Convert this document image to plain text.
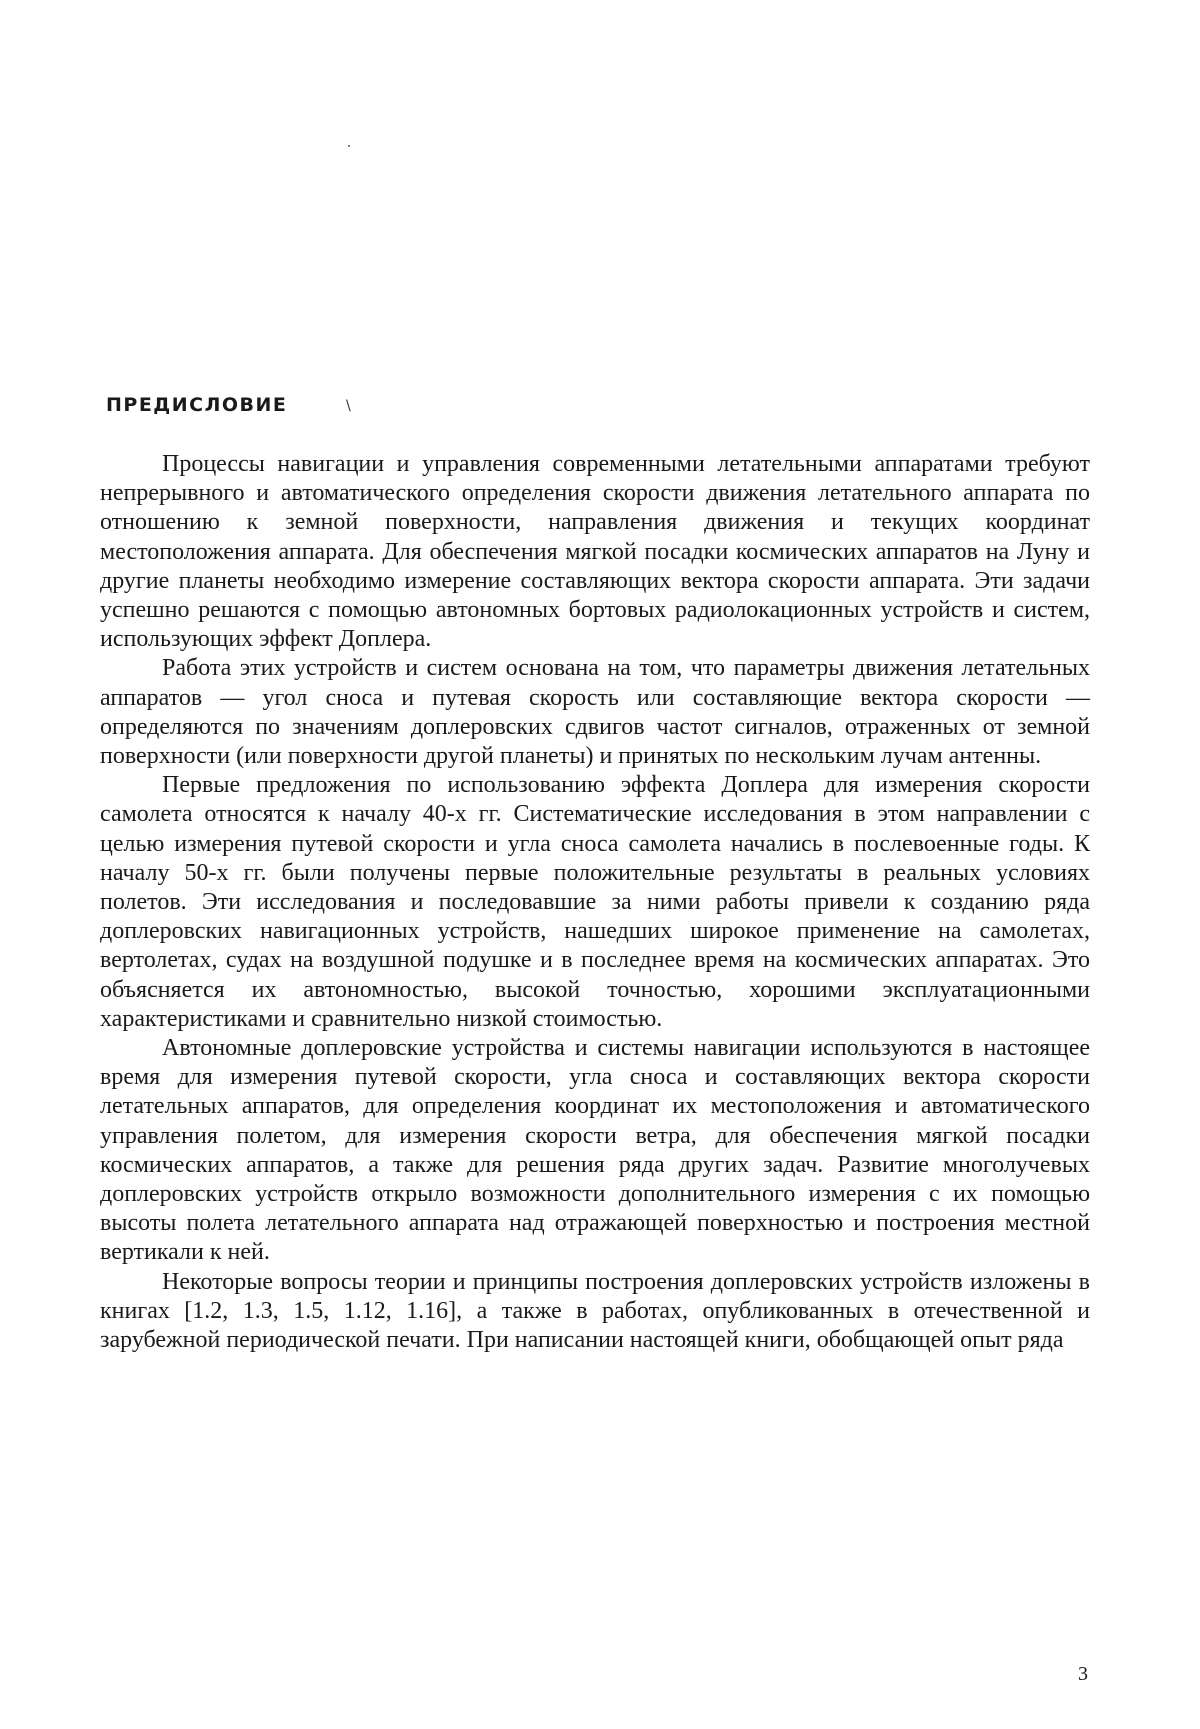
ПРЕДИСЛОВИЕ	\

Процессы навигации и управления современными летательными аппаратами требуют непрерывного и автоматического определения скорости движения летательного аппарата по отношению к земной поверхности, направления движения и текущих координат местоположения аппарата. Для обеспечения мягкой посадки космических аппаратов на Луну и другие планеты необходимо измерение составляющих вектора скорости аппарата. Эти задачи успешно решаются с помощью автономных бортовых радиолокационных устройств и систем, использующих эффект Доплера.

Работа этих устройств и систем основана на том, что параметры движения летательных аппаратов — угол сноса и путевая скорость или составляющие вектора скорости — определяются по значениям доплеровских сдвигов частот сигналов, отраженных от земной поверхности (или поверхности другой планеты) и принятых по нескольким лучам антенны.

Первые предложения по использованию эффекта Доплера для измерения скорости самолета относятся к началу 40-х гг. Систематические исследования в этом направлении с целью измерения путевой скорости и угла сноса самолета начались в послевоенные годы. К началу 50-х гг. были получены первые положительные результаты в реальных условиях полетов. Эти исследования и последовавшие за ними работы привели к созданию ряда доплеровских навигационных устройств, нашедших широкое применение на самолетах, вертолетах, судах на воздушной подушке и в последнее время на космических аппаратах. Это объясняется их автономностью, высокой точностью, хорошими эксплуатационными характеристиками и сравнительно низкой стоимостью.

Автономные доплеровские устройства и системы навигации используются в настоящее время для измерения путевой скорости, угла сноса и составляющих вектора скорости летательных аппаратов, для определения координат их местоположения и автоматического управления полетом, для измерения скорости ветра, для обеспечения мягкой посадки космических аппаратов, а также для решения ряда других задач. Развитие многолучевых доплеровских устройств открыло возможности дополнительного измерения с их помощью высоты полета летательного аппарата над отражающей поверхностью и построения местной вертикали к ней.

Некоторые вопросы теории и принципы построения доплеровских устройств изложены в книгах [1.2, 1.3, 1.5, 1.12, 1.16], а также в работах, опубликованных в отечественной и зарубежной периодической печати. При написании настоящей книги, обобщающей опыт ряда

3
